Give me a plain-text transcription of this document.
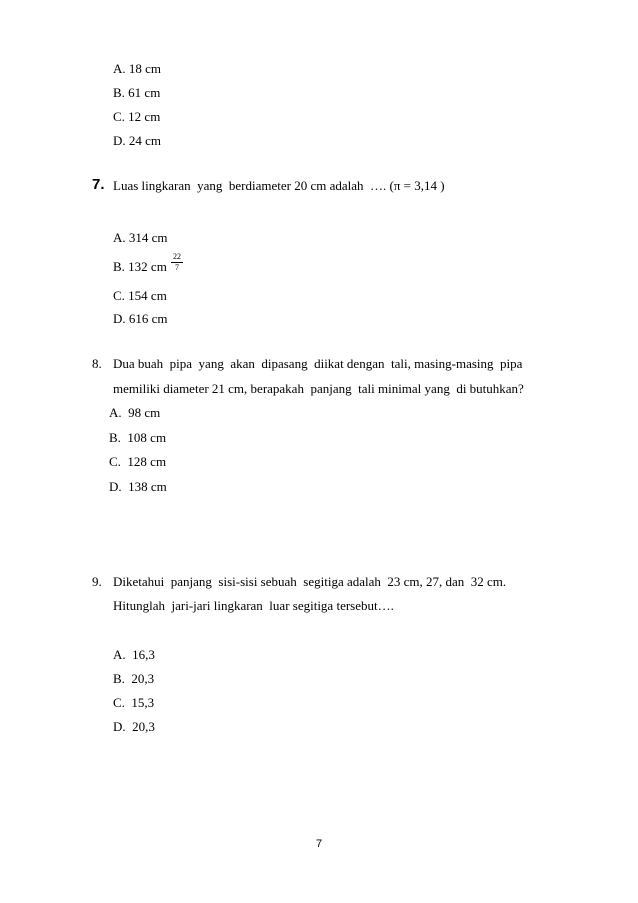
A. 18 cm
B. 61 cm
C. 12 cm
D. 24 cm
7. Luas lingkaran  yang  berdiameter 20 cm adalah  …. (π = 3,14 )
A. 314 cm
B. 132 cm
22
7
C. 154 cm
D. 616 cm
8. Dua buah  pipa  yang  akan  dipasang  diikat dengan  tali, masing-masing  pipa
memiliki diameter 21 cm, berapakah  panjang  tali minimal yang  di butuhkan?
A.  98 cm
B.  108 cm
C.  128 cm
D.  138 cm
9. Diketahui  panjang  sisi-sisi sebuah  segitiga adalah  23 cm, 27, dan  32 cm.
Hitunglah  jari-jari lingkaran  luar segitiga tersebut….
A.  16,3
B.  20,3
C.  15,3
D.  20,3
7
